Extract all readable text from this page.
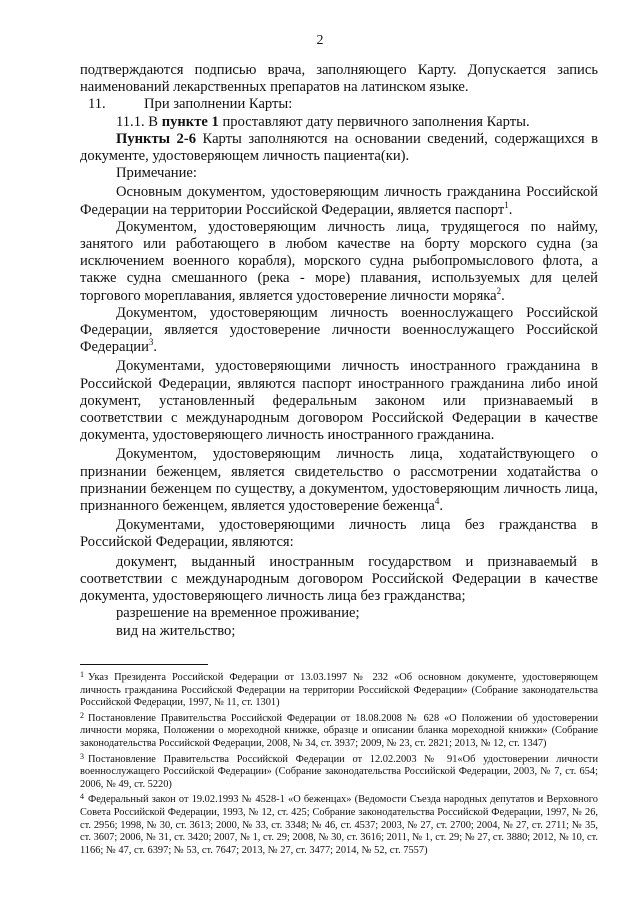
2

подтверждаются подписью врача, заполняющего Карту. Допускается запись наименований лекарственных препаратов на латинском языке.

11.	При заполнении Карты:

11.1. В пункте 1 проставляют дату первичного заполнения Карты.

Пункты 2-6 Карты заполняются на основании сведений, содержащихся в документе, удостоверяющем личность пациента(ки).

Примечание:

Основным документом, удостоверяющим личность гражданина Российской Федерации на территории Российской Федерации, является паспорт$^1$.

Документом, удостоверяющим личность лица, трудящегося по найму, занятого или работающего в любом качестве на борту морского судна (за исключением военного корабля), морского судна рыбопромыслового флота, а также судна смешанного (река - море) плавания, используемых для целей торгового мореплавания, является удостоверение личности моряка$^2$.

Документом, удостоверяющим личность военнослужащего Российской Федерации, является удостоверение личности военнослужащего Российской Федерации$^3$.

Документами, удостоверяющими личность иностранного гражданина в Российской Федерации, являются паспорт иностранного гражданина либо иной документ, установленный федеральным законом или признаваемый в соответствии с международным договором Российской Федерации в качестве документа, удостоверяющего личность иностранного гражданина.

Документом, удостоверяющим личность лица, ходатайствующего о признании беженцем, является свидетельство о рассмотрении ходатайства о признании беженцем по существу, а документом, удостоверяющим личность лица, признанного беженцем, является удостоверение беженца$^4$.

Документами, удостоверяющими личность лица без гражданства в Российской Федерации, являются:

документ, выданный иностранным государством и признаваемый в соответствии с международным договором Российской Федерации в качестве документа, удостоверяющего личность лица без гражданства;

разрешение на временное проживание;

вид на жительство;

$^1$ Указ Президента Российской Федерации от 13.03.1997 № 232 «Об основном документе, удостоверяющем личность гражданина Российской Федерации на территории Российской Федерации» (Собрание законодательства Российской Федерации, 1997, № 11, ст. 1301)

$^2$ Постановление Правительства Российской Федерации от 18.08.2008 № 628 «О Положении об удостоверении личности моряка, Положении о мореходной книжке, образце и описании бланка мореходной книжки» (Собрание законодательства Российской Федерации, 2008, № 34, ст. 3937; 2009, № 23, ст. 2821; 2013, № 12, ст. 1347)

$^3$ Постановление Правительства Российской Федерации от 12.02.2003 № 91«Об удостоверении личности военнослужащего Российской Федерации» (Собрание законодательства Российской Федерации, 2003, № 7, ст. 654; 2006, № 49, ст. 5220)

$^4$ Федеральный закон от 19.02.1993 № 4528-1 «О беженцах» (Ведомости Съезда народных депутатов и Верховного Совета Российской Федерации, 1993, № 12, ст. 425; Собрание законодательства Российской Федерации, 1997, № 26, ст. 2956; 1998, № 30, ст. 3613; 2000, № 33, ст. 3348; № 46, ст. 4537; 2003, № 27, ст. 2700; 2004, № 27, ст. 2711; № 35, ст. 3607; 2006, № 31, ст. 3420; 2007, № 1, ст. 29; 2008, № 30, ст. 3616; 2011, № 1, ст. 29; № 27, ст. 3880; 2012, № 10, ст. 1166; № 47, ст. 6397; № 53, ст. 7647; 2013, № 27, ст. 3477; 2014, № 52, ст. 7557)
